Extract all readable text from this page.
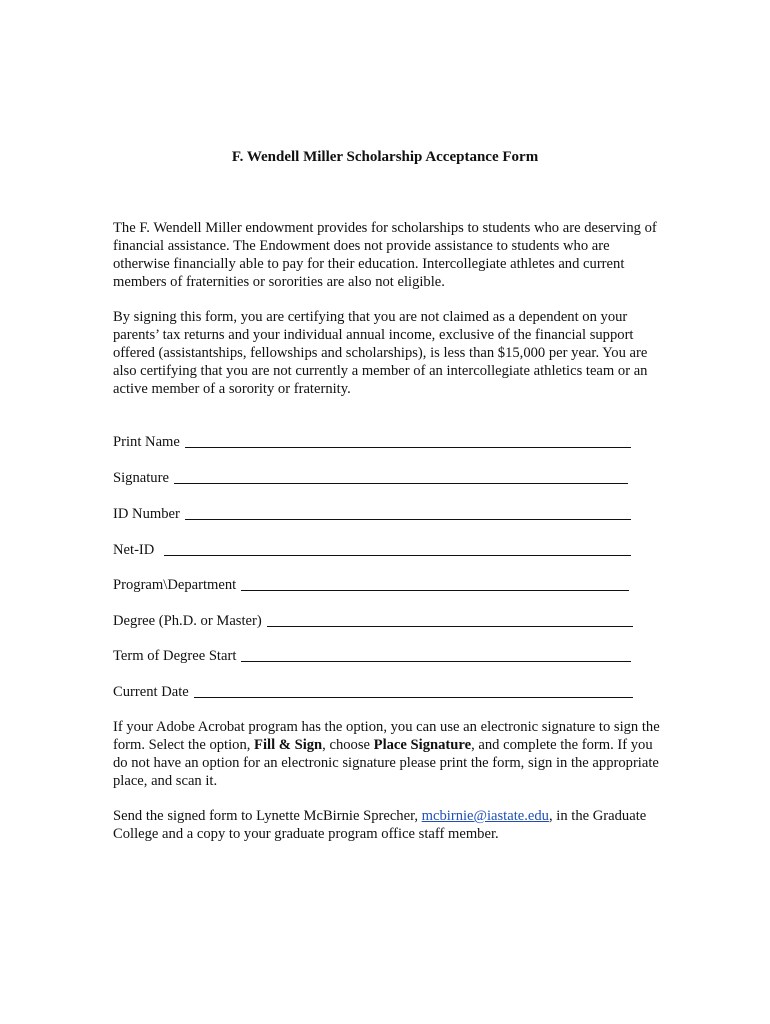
F. Wendell Miller Scholarship Acceptance Form

The F. Wendell Miller endowment provides for scholarships to students who are deserving of financial assistance. The Endowment does not provide assistance to students who are otherwise financially able to pay for their education. Intercollegiate athletes and current members of fraternities or sororities are also not eligible.

By signing this form, you are certifying that you are not claimed as a dependent on your parents’ tax returns and your individual annual income, exclusive of the financial support offered (assistantships, fellowships and scholarships), is less than $15,000 per year. You are also certifying that you are not currently a member of an intercollegiate athletics team or an active member of a sorority or fraternity.

Print Name
Signature
ID Number
Net-ID
Program\Department
Degree (Ph.D. or Master)
Term of Degree Start
Current Date

If your Adobe Acrobat program has the option, you can use an electronic signature to sign the form. Select the option, Fill & Sign, choose Place Signature, and complete the form. If you do not have an option for an electronic signature please print the form, sign in the appropriate place, and scan it.

Send the signed form to Lynette McBirnie Sprecher, mcbirnie@iastate.edu, in the Graduate College and a copy to your graduate program office staff member.
